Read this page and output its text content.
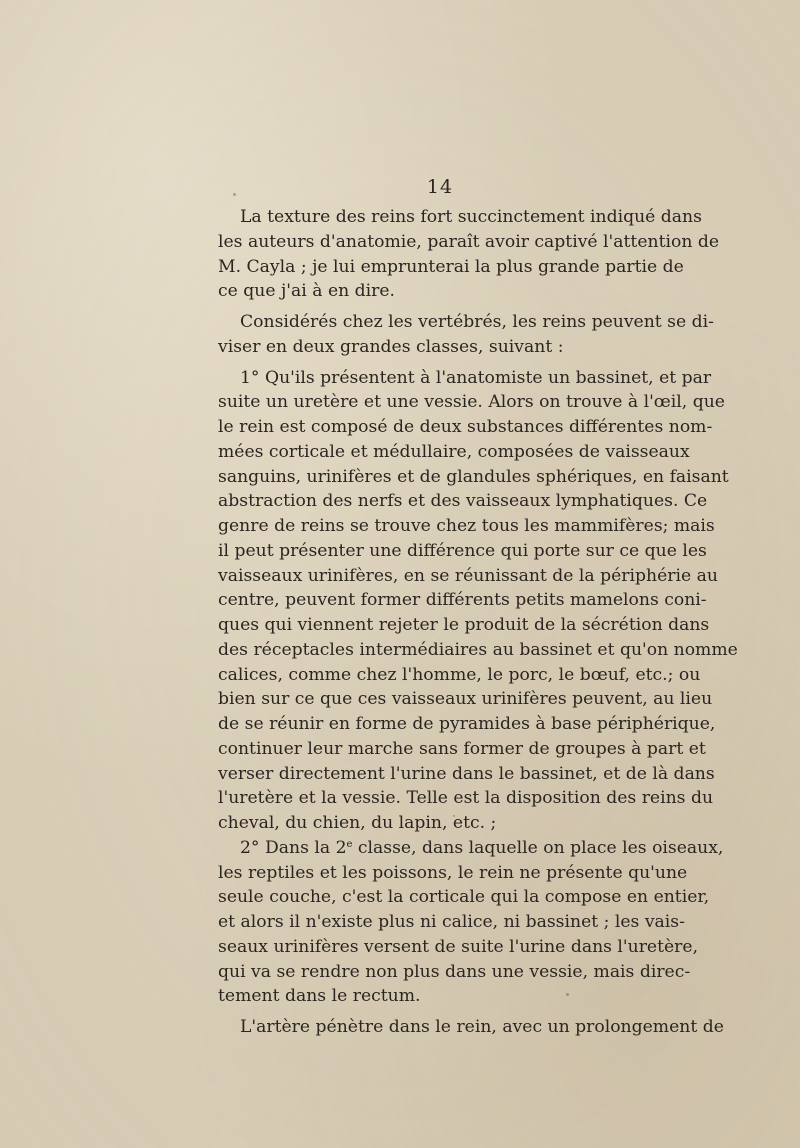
14
La texture des reins fort succinctement indiqué dans
les auteurs d'anatomie, paraît avoir captivé l'attention de
M. Cayla ; je lui emprunterai la plus grande partie de
ce que j'ai à en dire.
Considérés chez les vertébrés, les reins peuvent se di-
viser en deux grandes classes, suivant :
1° Qu'ils présentent à l'anatomiste un bassinet, et par
suite un uretère et une vessie. Alors on trouve à l'œil, que
le rein est composé de deux substances différentes nom-
mées corticale et médullaire, composées de vaisseaux
sanguins, urinifères et de glandules sphériques, en faisant
abstraction des nerfs et des vaisseaux lymphatiques. Ce
genre de reins se trouve chez tous les mammifères; mais
il peut présenter une différence qui porte sur ce que les
vaisseaux urinifères, en se réunissant de la périphérie au
centre, peuvent former différents petits mamelons coni-
ques qui viennent rejeter le produit de la sécrétion dans
des réceptacles intermédiaires au bassinet et qu'on nomme
calices, comme chez l'homme, le porc, le bœuf, etc.; ou
bien sur ce que ces vaisseaux urinifères peuvent, au lieu
de se réunir en forme de pyramides à base périphérique,
continuer leur marche sans former de groupes à part et
verser directement l'urine dans le bassinet, et de là dans
l'uretère et la vessie. Telle est la disposition des reins du
cheval, du chien, du lapin, etc. ;
2° Dans la 2e classe, dans laquelle on place les oiseaux,
les reptiles et les poissons, le rein ne présente qu'une
seule couche, c'est la corticale qui la compose en entier,
et alors il n'existe plus ni calice, ni bassinet ; les vais-
seaux urinifères versent de suite l'urine dans l'uretère,
qui va se rendre non plus dans une vessie, mais direc-
tement dans le rectum.
L'artère pénètre dans le rein, avec un prolongement de
